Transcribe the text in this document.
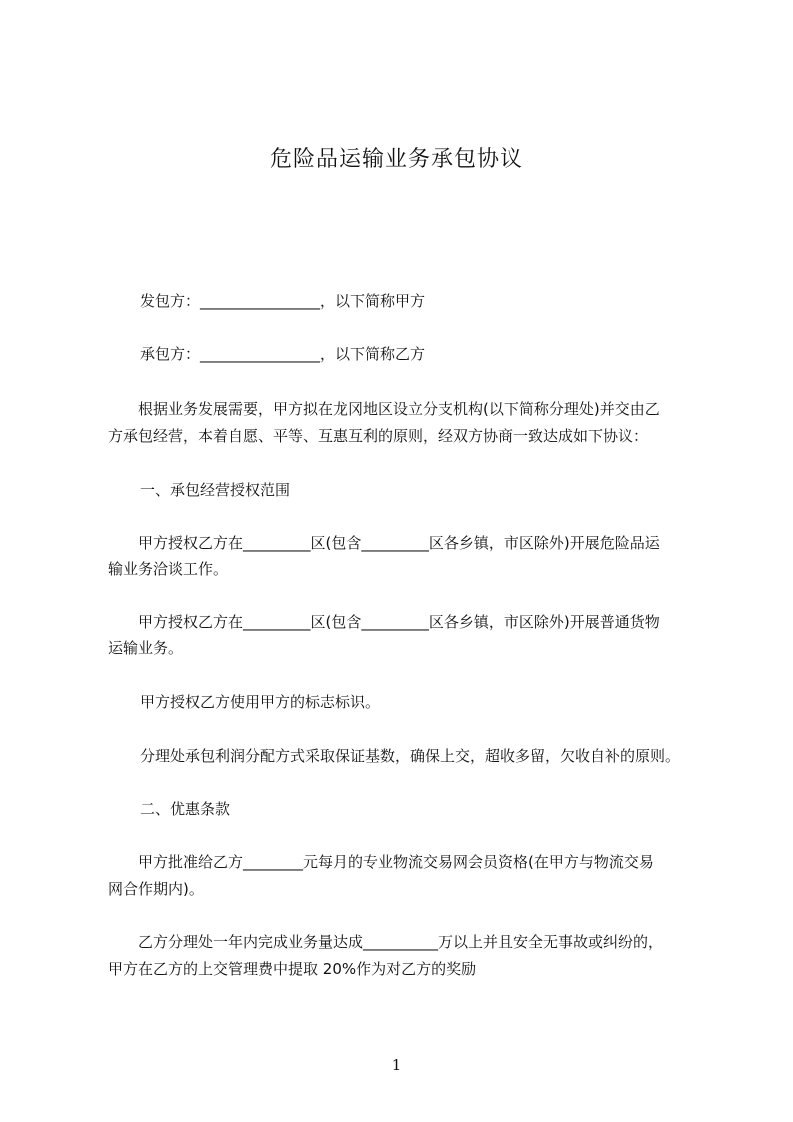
危险品运输业务承包协议
发包方：________________，以下简称甲方
承包方：________________，以下简称乙方
根据业务发展需要，甲方拟在龙冈地区设立分支机构(以下简称分理处)并交由乙
方承包经营，本着自愿、平等、互惠互利的原则，经双方协商一致达成如下协议：
一、承包经营授权范围
甲方授权乙方在_________区(包含_________区各乡镇，市区除外)开展危险品运
输业务洽谈工作。
甲方授权乙方在_________区(包含_________区各乡镇，市区除外)开展普通货物
运输业务。
甲方授权乙方使用甲方的标志标识。
分理处承包利润分配方式采取保证基数，确保上交，超收多留，欠收自补的原则。
二、优惠条款
甲方批准给乙方________元每月的专业物流交易网会员资格(在甲方与物流交易
网合作期内)。
乙方分理处一年内完成业务量达成__________万以上并且安全无事故或纠纷的，
甲方在乙方的上交管理费中提取 20%作为对乙方的奖励
1
